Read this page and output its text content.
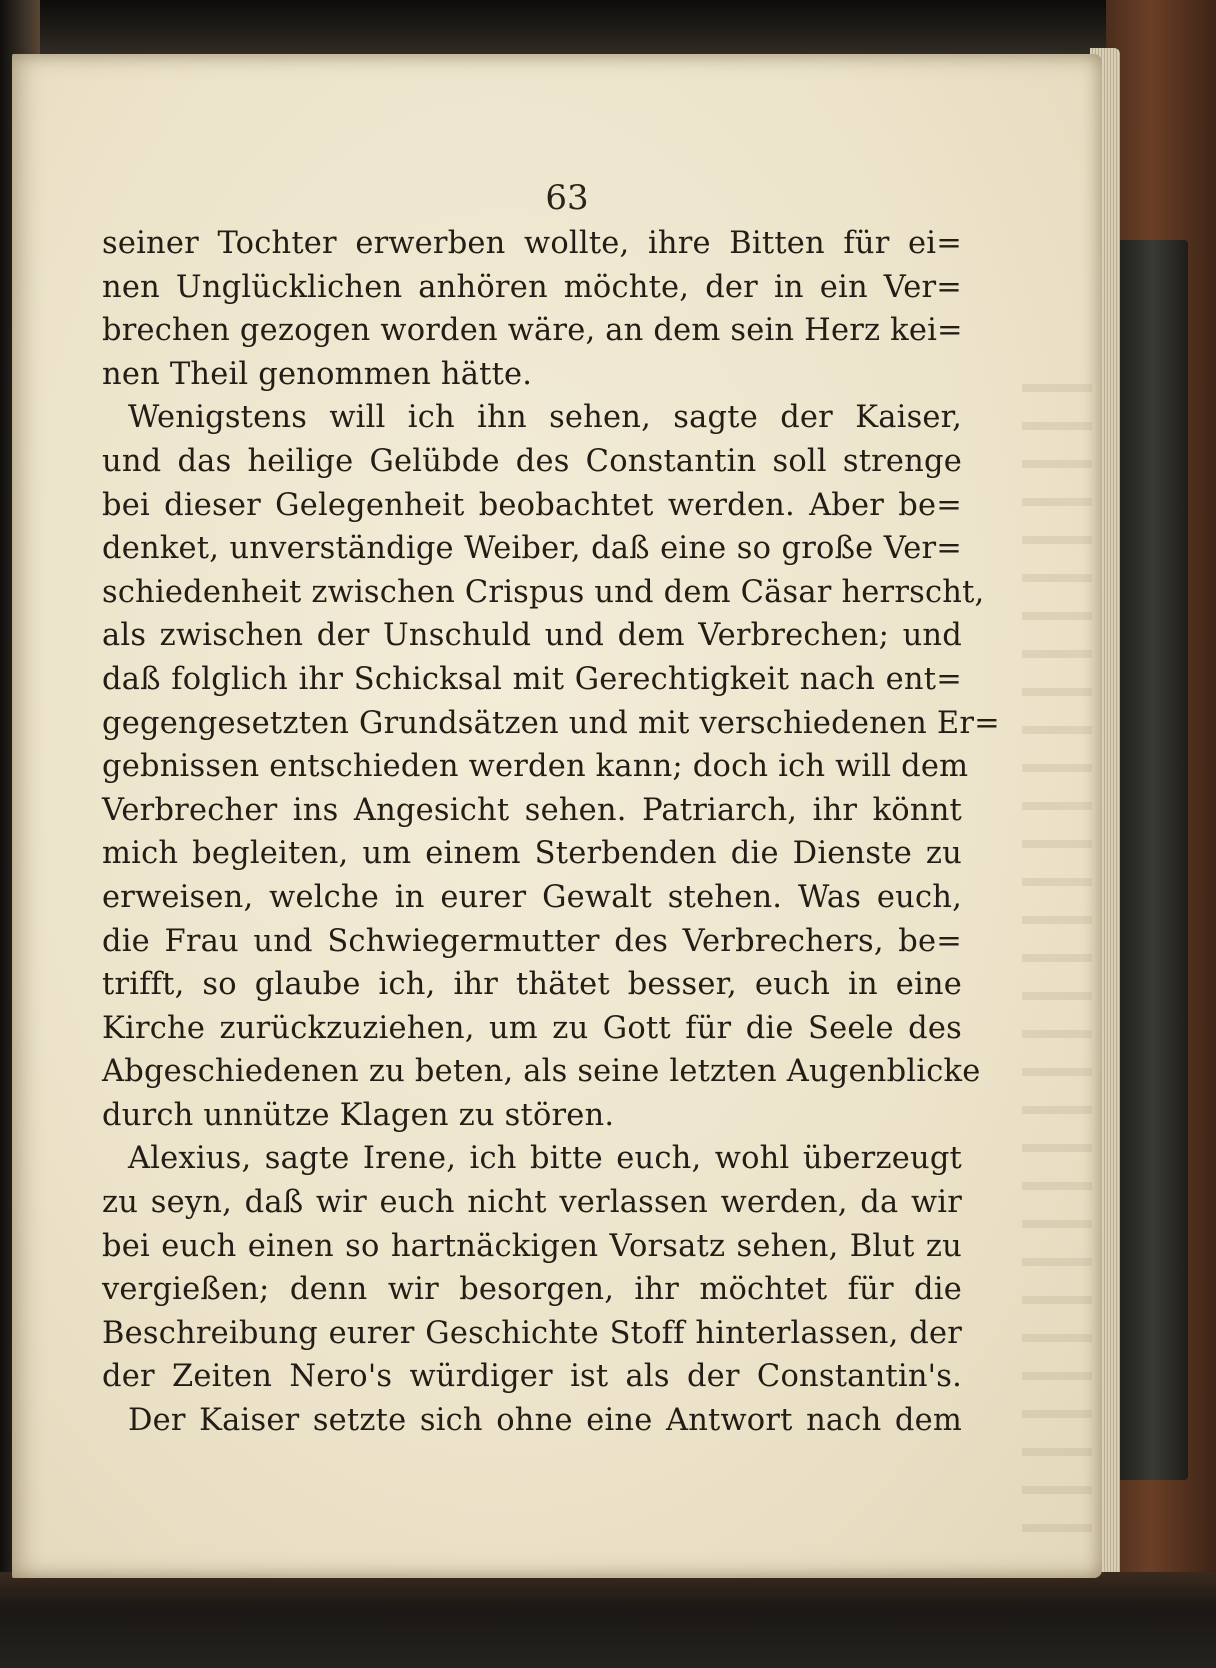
63
seiner Tochter erwerben wollte, ihre Bitten für ei=
nen Unglücklichen anhören möchte, der in ein Ver=
brechen gezogen worden wäre, an dem sein Herz kei=
nen Theil genommen hätte.
Wenigstens will ich ihn sehen, sagte der Kaiser,
und das heilige Gelübde des Constantin soll strenge
bei dieser Gelegenheit beobachtet werden. Aber be=
denket, unverständige Weiber, daß eine so große Ver=
schiedenheit zwischen Crispus und dem Cäsar herrscht,
als zwischen der Unschuld und dem Verbrechen; und
daß folglich ihr Schicksal mit Gerechtigkeit nach ent=
gegengesetzten Grundsätzen und mit verschiedenen Er=
gebnissen entschieden werden kann; doch ich will dem
Verbrecher ins Angesicht sehen. Patriarch, ihr könnt
mich begleiten, um einem Sterbenden die Dienste zu
erweisen, welche in eurer Gewalt stehen. Was euch,
die Frau und Schwiegermutter des Verbrechers, be=
trifft, so glaube ich, ihr thätet besser, euch in eine
Kirche zurückzuziehen, um zu Gott für die Seele des
Abgeschiedenen zu beten, als seine letzten Augenblicke
durch unnütze Klagen zu stören.
Alexius, sagte Irene, ich bitte euch, wohl überzeugt
zu seyn, daß wir euch nicht verlassen werden, da wir
bei euch einen so hartnäckigen Vorsatz sehen, Blut zu
vergießen; denn wir besorgen, ihr möchtet für die
Beschreibung eurer Geschichte Stoff hinterlassen, der
der Zeiten Nero's würdiger ist als der Constantin's.
Der Kaiser setzte sich ohne eine Antwort nach dem
